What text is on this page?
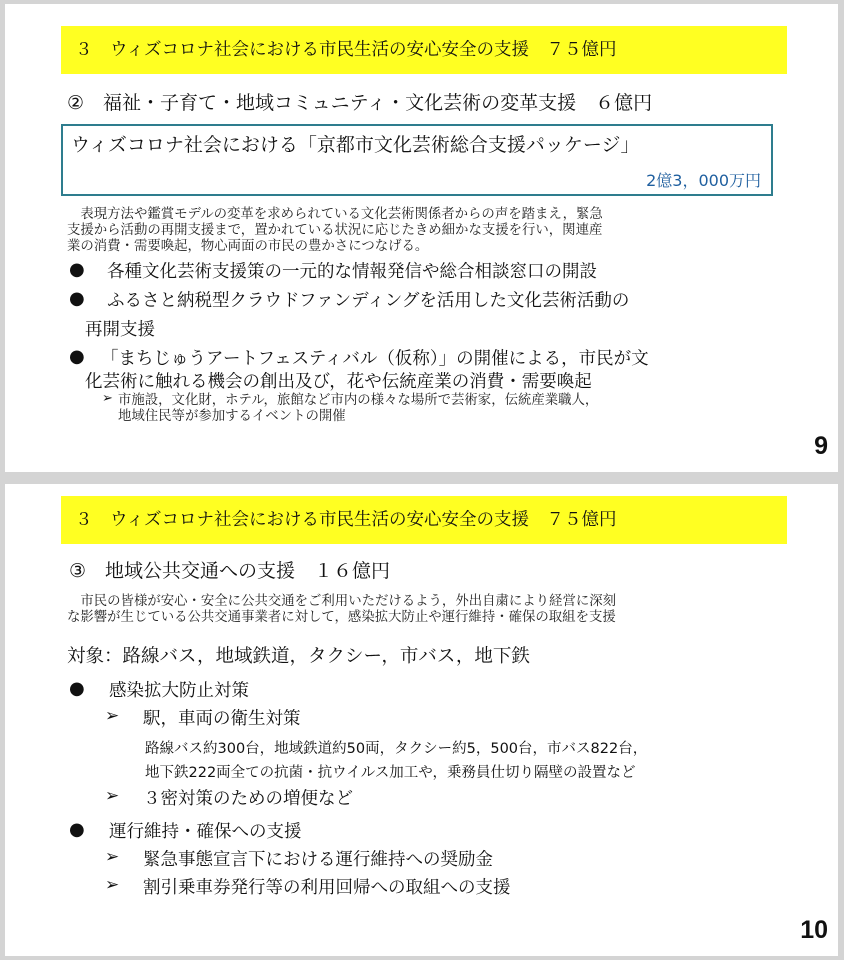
３　ウィズコロナ社会における市民生活の安心安全の支援　７５億円
②　福祉・子育て・地域コミュニティ・文化芸術の変革支援　６億円
ウィズコロナ社会における「京都市文化芸術総合支援パッケージ」
2億3，000万円
　表現方法や鑑賞モデルの変革を求められている文化芸術関係者からの声を踏まえ，緊急
支援から活動の再開支援まで，置かれている状況に応じたきめ細かな支援を行い，関連産
業の消費・需要喚起，物心両面の市民の豊かさにつなげる。
● 各種文化芸術支援策の一元的な情報発信や総合相談窓口の開設
● ふるさと納税型クラウドファンディングを活用した文化芸術活動の
再開支援
● 「まちじゅうアートフェスティバル（仮称）」の開催による，市民が文
化芸術に触れる機会の創出及び，花や伝統産業の消費・需要喚起
➢ 市施設，文化財，ホテル，旅館など市内の様々な場所で芸術家，伝統産業職人，
地域住民等が参加するイベントの開催
9
３　ウィズコロナ社会における市民生活の安心安全の支援　７５億円
③　地域公共交通への支援　１６億円
　市民の皆様が安心・安全に公共交通をご利用いただけるよう，外出自粛により経営に深刻
な影響が生じている公共交通事業者に対して，感染拡大防止や運行維持・確保の取組を支援
対象：路線バス，地域鉄道，タクシー，市バス，地下鉄
● 感染拡大防止対策
➢ 駅，車両の衛生対策
路線バス約300台，地域鉄道約50両，タクシー約5，500台，市バス822台，
地下鉄222両全ての抗菌・抗ウイルス加工や，乗務員仕切り隔壁の設置など
➢ ３密対策のための増便など
● 運行維持・確保への支援
➢ 緊急事態宣言下における運行維持への奨励金
➢ 割引乗車券発行等の利用回帰への取組への支援
10
